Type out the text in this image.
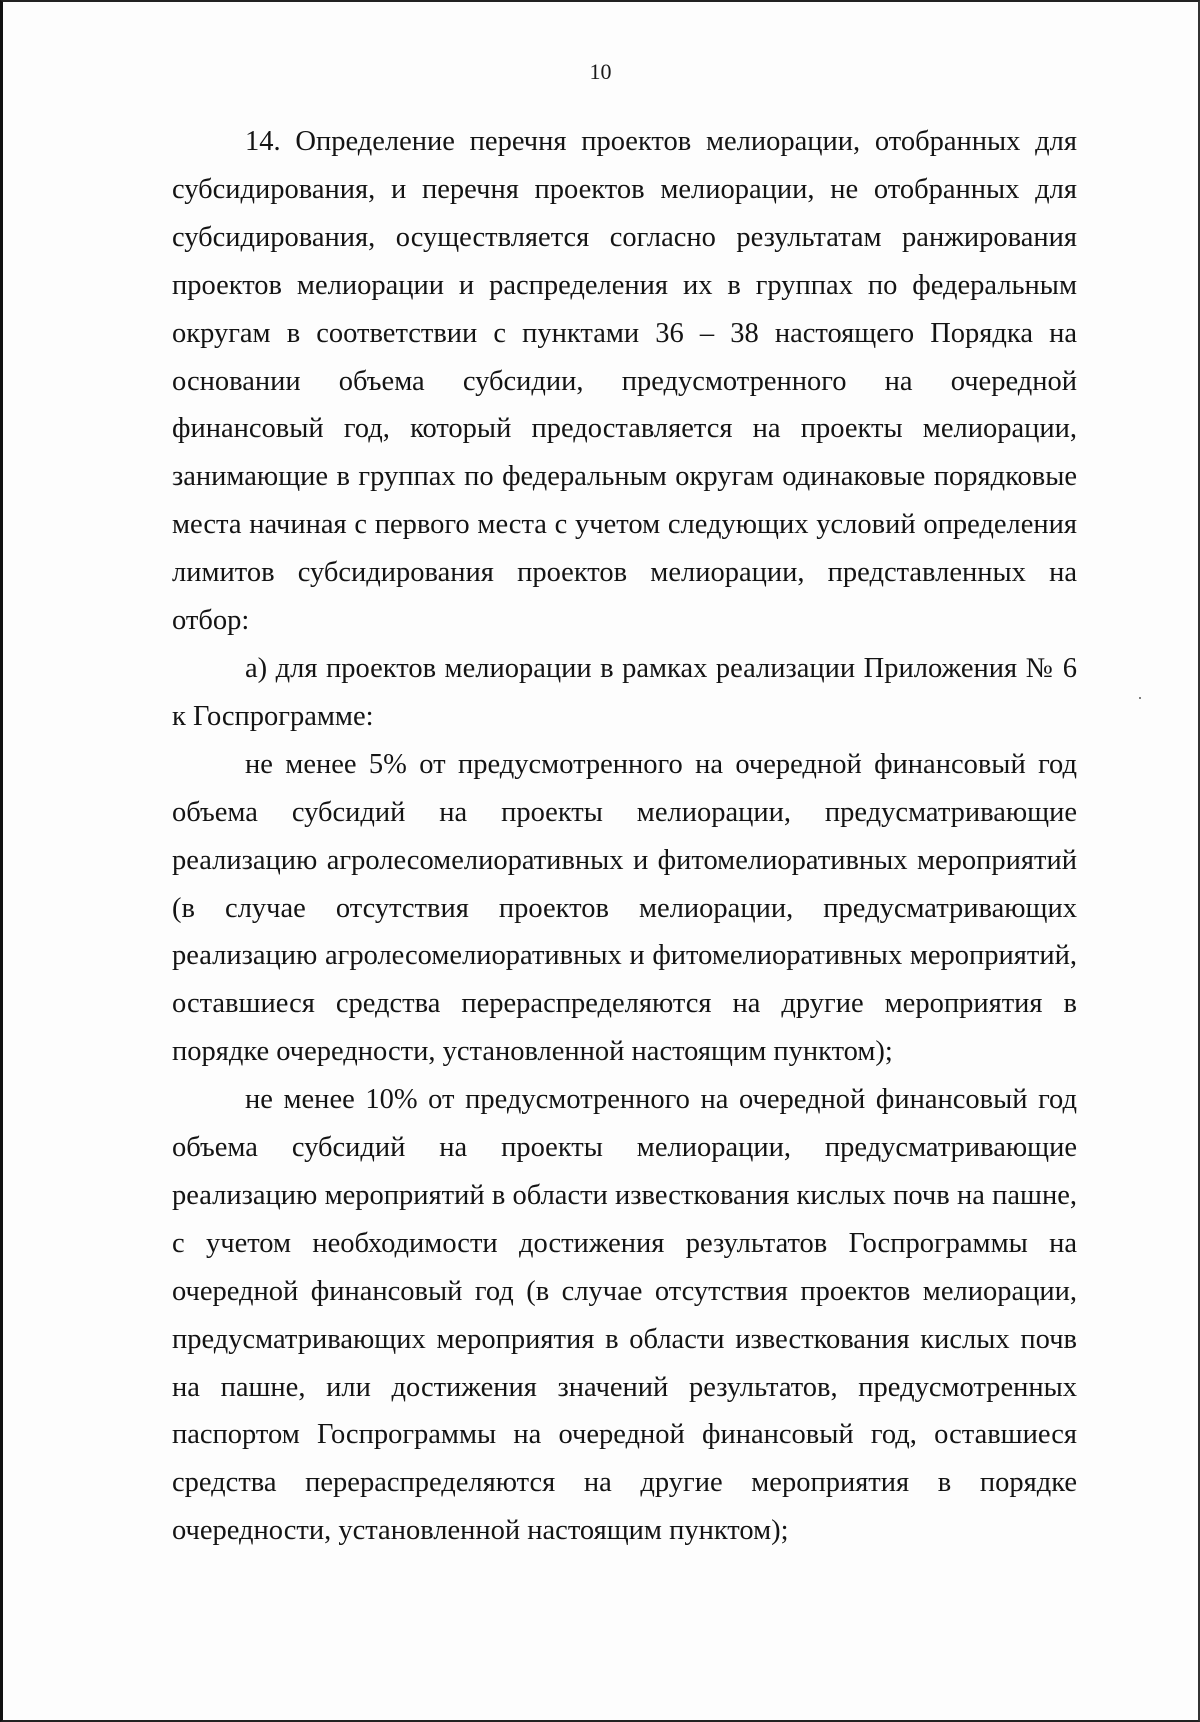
10

14. Определение перечня проектов мелиорации, отобранных для субсидирования, и перечня проектов мелиорации, не отобранных для субсидирования, осуществляется согласно результатам ранжирования проектов мелиорации и распределения их в группах по федеральным округам в соответствии с пунктами 36 – 38 настоящего Порядка на основании объема субсидии, предусмотренного на очередной финансовый год, который предоставляется на проекты мелиорации, занимающие в группах по федеральным округам одинаковые порядковые места начиная с первого места с учетом следующих условий определения лимитов субсидирования проектов мелиорации, представленных на отбор:

а) для проектов мелиорации в рамках реализации Приложения № 6 к Госпрограмме:

не менее 5% от предусмотренного на очередной финансовый год объема субсидий на проекты мелиорации, предусматривающие реализацию агролесомелиоративных и фитомелиоративных мероприятий (в случае отсутствия проектов мелиорации, предусматривающих реализацию агролесомелиоративных и фитомелиоративных мероприятий, оставшиеся средства перераспределяются на другие мероприятия в порядке очередности, установленной настоящим пунктом);

не менее 10% от предусмотренного на очередной финансовый год объема субсидий на проекты мелиорации, предусматривающие реализацию мероприятий в области известкования кислых почв на пашне, с учетом необходимости достижения результатов Госпрограммы на очередной финансовый год (в случае отсутствия проектов мелиорации, предусматривающих мероприятия в области известкования кислых почв на пашне, или достижения значений результатов, предусмотренных паспортом Госпрограммы на очередной финансовый год, оставшиеся средства перераспределяются на другие мероприятия в порядке очередности, установленной настоящим пунктом);
